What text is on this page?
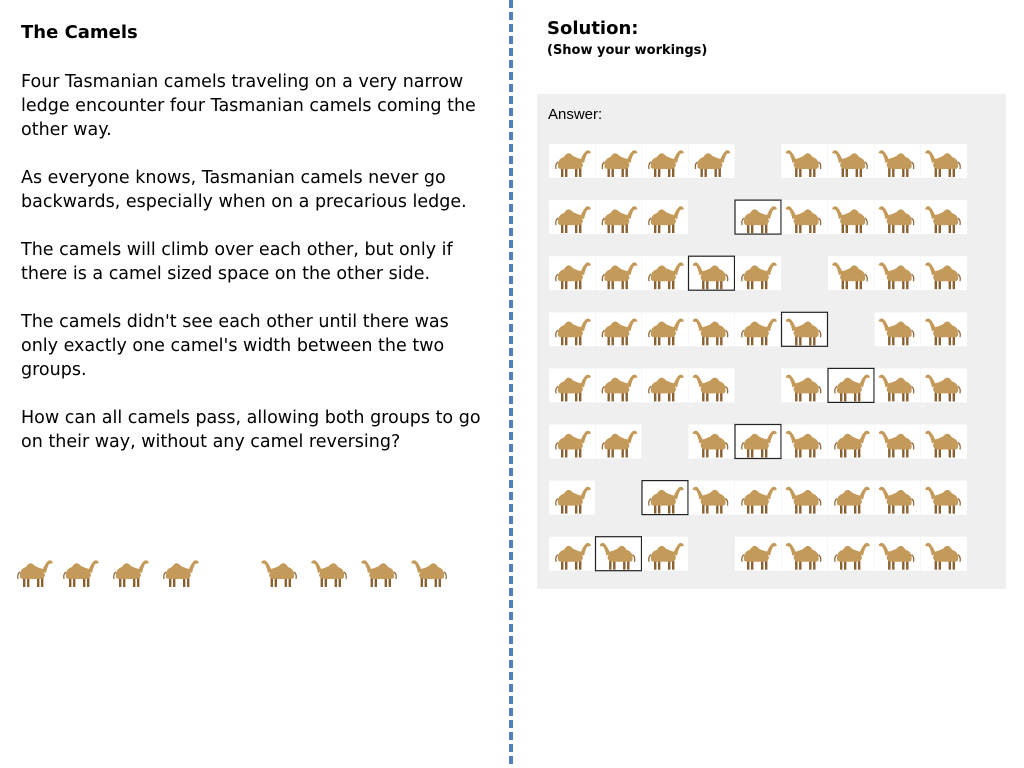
The Camels

Four Tasmanian camels traveling on a very narrow ledge encounter four Tasmanian camels coming the other way.

As everyone knows, Tasmanian camels never go backwards, especially when on a precarious ledge.

The camels will climb over each other, but only if there is a camel sized space on the other side.

The camels didn't see each other until there was only exactly one camel's width between the two groups.

How can all camels pass, allowing both groups to go on their way, without any camel reversing?

Solution:

(Show your workings)

Answer:
